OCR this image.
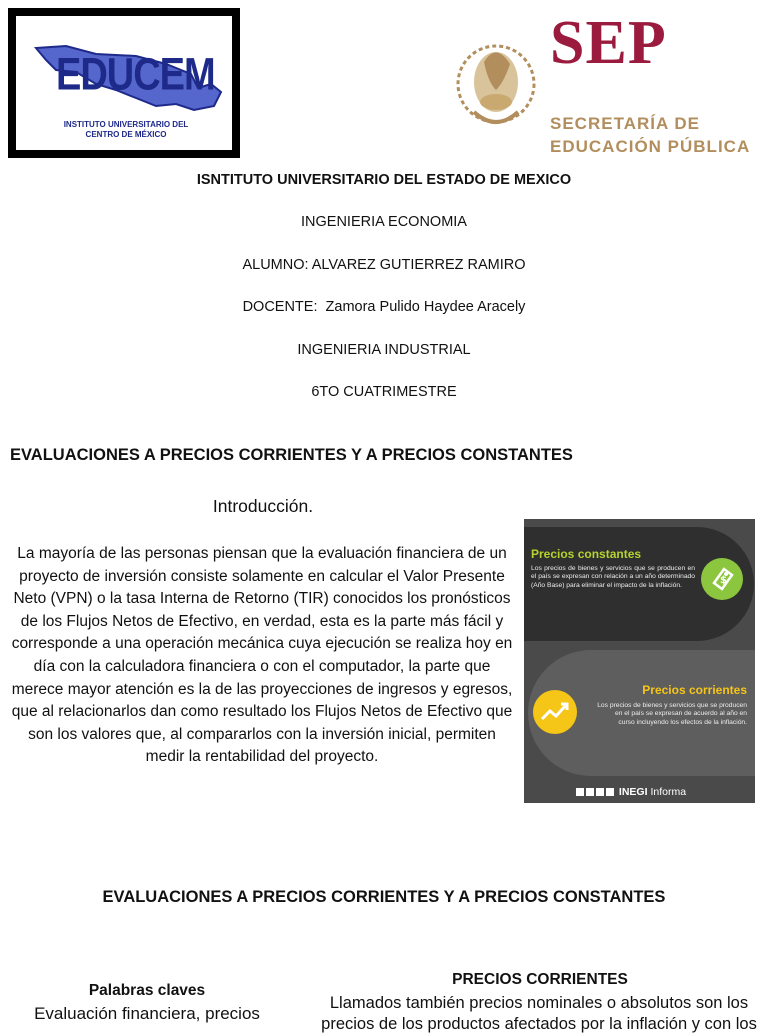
EDUCEM
INSTITUTO UNIVERSITARIO DEL CENTRO DE MÉXICO
SEP
SECRETARÍA DE
EDUCACIÓN PÚBLICA
ISNTITUTO UNIVERSITARIO DEL ESTADO DE MEXICO
INGENIERIA ECONOMIA
ALUMNO: ALVAREZ GUTIERREZ RAMIRO
DOCENTE:  Zamora Pulido Haydee Aracely
INGENIERIA INDUSTRIAL
6TO CUATRIMESTRE
EVALUACIONES A PRECIOS CORRIENTES Y A PRECIOS CONSTANTES
Introducción.
La mayoría de las personas piensan que la evaluación financiera de un proyecto de inversión consiste solamente en calcular el Valor Presente Neto (VPN) o la tasa Interna de Retorno (TIR) conocidos los pronósticos de los Flujos Netos de Efectivo, en verdad, esta es la parte más fácil y corresponde a una operación mecánica cuya ejecución se realiza hoy en día con la calculadora financiera o con el computador, la parte que merece mayor atención es la de las proyecciones de ingresos y egresos, que al relacionarlos dan como resultado los Flujos Netos de Efectivo que son los valores que, al compararlos con la inversión inicial, permiten medir la rentabilidad del proyecto.
Precios constantes
Los precios de bienes y servicios que se producen en el país se expresan con relación a un año determinado (Año Base) para eliminar el impacto de la inflación.	$
Precios corrientes
Los precios de bienes y servicios que se producen en el país se expresan de acuerdo al año en curso incluyendo los efectos de la inflación.
INEGI Informa
EVALUACIONES A PRECIOS CORRIENTES Y A PRECIOS CONSTANTES
Palabras claves
Evaluación financiera, precios
PRECIOS CORRIENTES
Llamados también precios nominales o absolutos son los precios de los productos afectados por la inflación y con los
